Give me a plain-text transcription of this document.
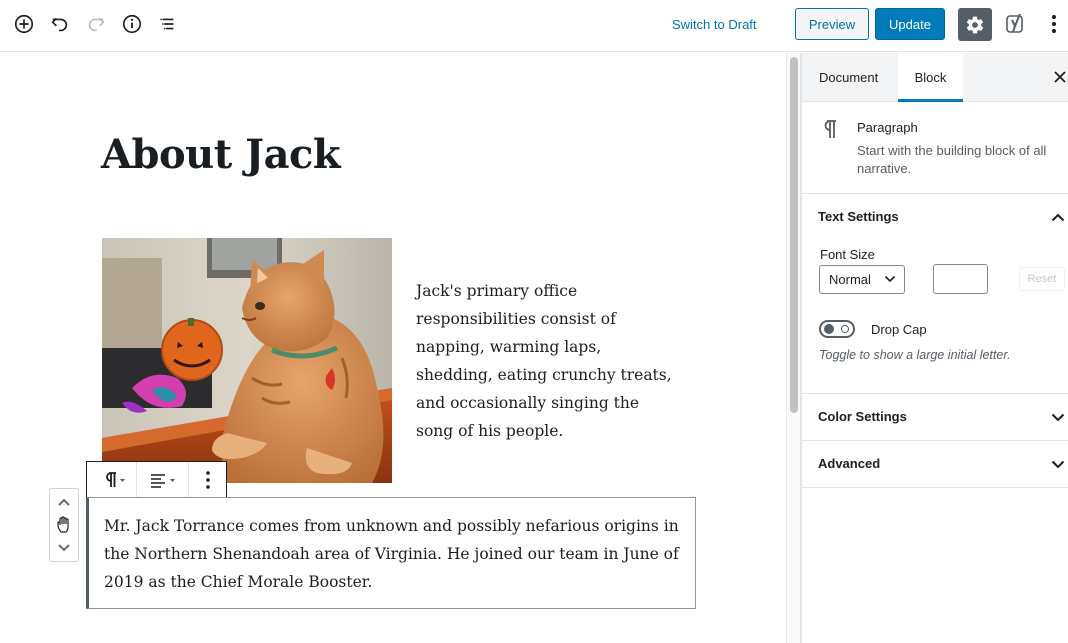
Switch to Draft	Preview	Update
About Jack

Jack's primary office responsibilities consist of napping, warming laps, shedding, eating crunchy treats, and occasionally singing the song of his people.

Mr. Jack Torrance comes from unknown and possibly nefarious origins in the Northern Shenandoah area of Virginia. He joined our team in June of 2019 as the Chief Morale Booster.

Document	Block
Paragraph
Start with the building block of all narrative.
Text Settings
Font Size
Normal	Reset
Drop Cap
Toggle to show a large initial letter.
Color Settings
Advanced
